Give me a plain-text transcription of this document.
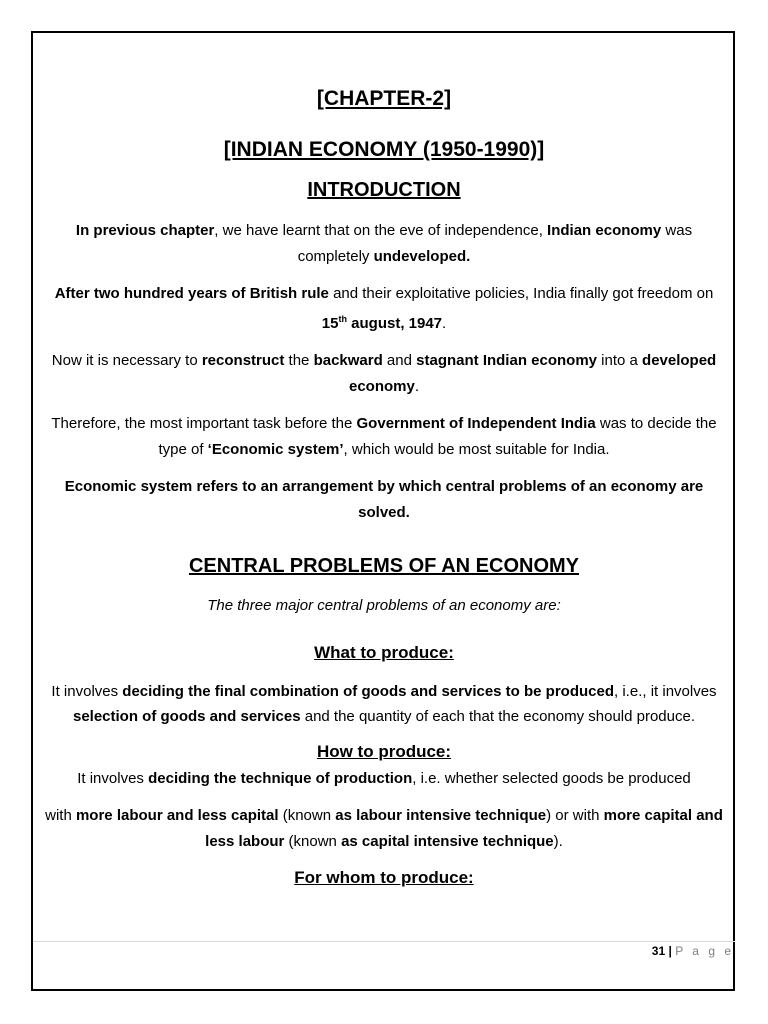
[CHAPTER-2]
[INDIAN ECONOMY (1950-1990)]
INTRODUCTION

In previous chapter, we have learnt that on the eve of independence, Indian economy was completely undeveloped.

After two hundred years of British rule and their exploitative policies, India finally got freedom on 15th august, 1947.

Now it is necessary to reconstruct the backward and stagnant Indian economy into a developed economy.

Therefore, the most important task before the Government of Independent India was to decide the type of ‘Economic system’, which would be most suitable for India.

Economic system refers to an arrangement by which central problems of an economy are solved.

CENTRAL PROBLEMS OF AN ECONOMY

The three major central problems of an economy are:

What to produce:

It involves deciding the final combination of goods and services to be produced, i.e., it involves selection of goods and services and the quantity of each that the economy should produce.

How to produce:

It involves deciding the technique of production, i.e. whether selected goods be produced

with more labour and less capital (known as labour intensive technique) or with more capital and less labour (known as capital intensive technique).

For whom to produce:
31 | P a g e
